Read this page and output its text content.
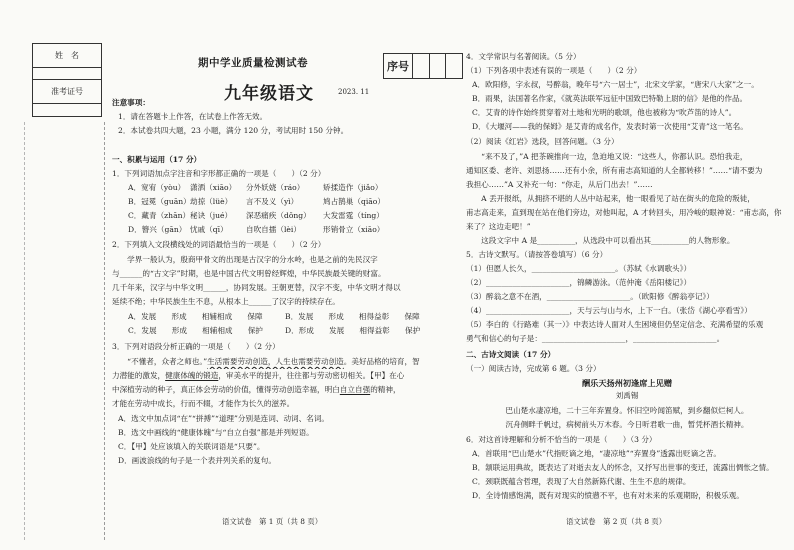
姓　名
准考证号
期中学业质量检测试卷	序号
九年级语文	2023. 11
注意事项：
1．请在答题卡上作答，在试卷上作答无效。
2．本试卷共四大题，23 小题，满分 120 分，考试用时 150 分钟。
一、积累与运用（17 分）
1．下列词语加点字注音和字形都正确的一项是（　　）（2 分）
A．宽宥（yòu） 潇洒（xiāo） 分外妖娆（ráo） 矫揉造作（jiǎo）
B．冠冕（guān）劫掠（lüè） 言不及义（yì）	鸠占鹊巢（qiāo）
C．藏青（zhān）秘诀（jué） 深恶痛疾（dǒng） 大发雷霆（tíng）
D．簪兴（gān） 忧戚（qī） 自吹自擂（lèi）	形销骨立（xiāo）
2．下列填入文段横线处的词语最恰当的一项是（　　）（2 分）
　　学界一般认为，殷商甲骨文的出现是古汉字的分水岭，也是之前的先民汉字
与______的“古文字”时期，也是中国古代文明曾经辉煌，中华民族最关键的财富。
几千年来，汉字与中华文明______，协同发展。王朝更替，汉字不变，中华文明才得以
延续不绝；中华民族生生不息，从根本上______了汉字的持续存在。
A．发展　　形成　　相辅相成　　保障	B．发展　　形成　　相得益彰　　保障
C．发展　　形成　　相辅相成　　保护	D．形成　　发展　　相得益彰　　保护
3．下列对语段分析正确的一项是（　　）（2 分）
　　“不懂者，众者之师也。”生活需要劳动创造，人生也需要劳动创造。美好品格的培育，智
力潜能的激发，健康体魄的锻造，审美水平的提升，往往都与劳动密切相关。【甲】在心
中深植劳动的种子，真正体会劳动的价值，懂得劳动创造幸福，明白自立自强的精神，
才能在劳动中成长，行而不辍，才能作为长久的滋养。
A．选文中加点词“在”“拼搏”“道理”分别是连词、动词、名词。
B．选文中画线的“健康体魄”与“自立自强”都是并列短语。
C．【甲】处应该填入的关联词语是“只要”。
D．画波浪线的句子是一个表并列关系的复句。
语文试卷　第 1 页（共 8 页）
4．文学常识与名著阅读。（5 分）
（1）下列各项中表述有误的一项是（　　）（2 分）
A．欧阳修，字永叔，号醉翁，晚年号“六一居士”，北宋文学家，“唐宋八大家”之一。
B．雨果，法国著名作家，《就英法联军远征中国致巴特勒上尉的信》是他的作品。
C．艾青的诗作始终贯穿着对土地和光明的歌颂，他也被称为“吹芦笛的诗人”。
D．《大堰河——我的保姆》是艾青的成名作，发表时第一次使用“艾青”这一笔名。
（2）阅读《红岩》选段，回答问题。（3 分）
　　“来不及了，”A 把茶碗推向一边，急迫地又说：“这些人，你都认识。恐怕我走，
通知区委、老许、刘思扬……还有小余，所有甫志高知道的人全都转移！”……“请不要为
我担心……”A 又补充一句：“你走，从后门出去！”……
　　A 丢开报纸，从拥挤不堪的人丛中站起来，他一眼看见了站在街头的危险的叛徒，
甫志高走来，直到现在站在他们旁边，对他叫起，A 才转回头，用冷峻的眼神说：“甫志高，你
来了？这边走吧！”
　　这段文字中 A 是__________，从选段中可以看出其__________的人物形象。
5．古诗文默写。（请按答卷填写）（6 分）
（1）但愿人长久，______________________。（苏轼《水调歌头》）
（2）______________________，锦鳞游泳。（范仲淹《岳阳楼记》）
（3）醉翁之意不在酒，______________________。（欧阳修《醉翁亭记》）
（4）______________________，天与云与山与水，上下一白。（张岱《湖心亭看雪》）
（5）李白的《行路难（其一）》中表达诗人面对人生困境但仍坚定信念、充满希望的乐观
勇气和信心的句子是：______________________，______________________。
二、古诗文阅读（17 分）
（一）阅读古诗，完成第 6 题。（3 分）
酬乐天扬州初逢席上见赠
刘禹锡
巴山楚水凄凉地，二十三年弃置身。怀旧空吟闻笛赋，到乡翻似烂柯人。
沉舟侧畔千帆过，病树前头万木春。今日听君歌一曲，暂凭杯酒长精神。
6．对这首诗理解和分析不恰当的一项是（　　）（3 分）
A．首联用“巴山楚水”代指贬谪之地，“凄凉地”“弃置身”透露出贬谪之苦。
B．颔联运用典故，既表达了对逝去友人的怀念，又抒写出世事的变迁，流露出惆怅之情。
C．颈联既蕴含哲理，表现了大自然新陈代谢、生生不息的规律。
D．全诗情感饱满，既有对现实的愤懑不平，也有对未来的乐观期盼，积极乐观。
语文试卷　第 2 页（共 8 页）
